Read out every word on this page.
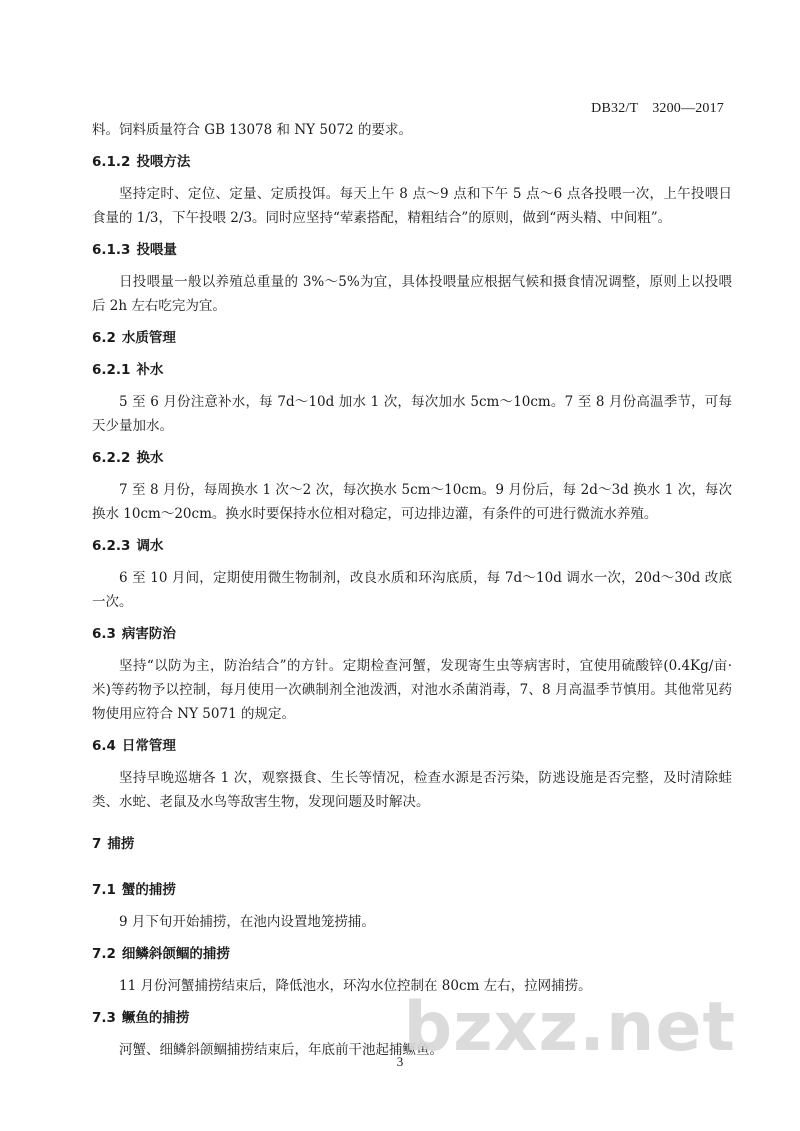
DB32/T　3200—2017

料。饲料质量符合 GB 13078 和 NY 5072 的要求。

6.1.2 投喂方法

坚持定时、定位、定量、定质投饵。每天上午 8 点～9 点和下午 5 点～6 点各投喂一次，上午投喂日食量的 1/3，下午投喂 2/3。同时应坚持“荤素搭配，精粗结合”的原则，做到“两头精、中间粗”。

6.1.3 投喂量

日投喂量一般以养殖总重量的 3%～5%为宜，具体投喂量应根据气候和摄食情况调整，原则上以投喂后 2h 左右吃完为宜。

6.2 水质管理
6.2.1 补水

5 至 6 月份注意补水，每 7d～10d 加水 1 次，每次加水 5cm～10cm。7 至 8 月份高温季节，可每天少量加水。

6.2.2 换水

7 至 8 月份，每周换水 1 次～2 次，每次换水 5cm～10cm。9 月份后，每 2d～3d 换水 1 次，每次换水 10cm～20cm。换水时要保持水位相对稳定，可边排边灌，有条件的可进行微流水养殖。

6.2.3 调水

6 至 10 月间，定期使用微生物制剂，改良水质和环沟底质，每 7d～10d 调水一次，20d～30d 改底一次。

6.3 病害防治

坚持“以防为主，防治结合”的方针。定期检查河蟹，发现寄生虫等病害时，宜使用硫酸锌(0.4Kg/亩·米)等药物予以控制，每月使用一次碘制剂全池泼洒，对池水杀菌消毒，7、8 月高温季节慎用。其他常见药物使用应符合 NY 5071 的规定。

6.4 日常管理

坚持早晚巡塘各 1 次，观察摄食、生长等情况，检查水源是否污染，防逃设施是否完整，及时清除蛙类、水蛇、老鼠及水鸟等敌害生物，发现问题及时解决。

7 捕捞
7.1 蟹的捕捞

9 月下旬开始捕捞，在池内设置地笼捞捕。

7.2 细鳞斜颌鲴的捕捞

11 月份河蟹捕捞结束后，降低池水，环沟水位控制在 80cm 左右，拉网捕捞。

7.3 鳜鱼的捕捞

河蟹、细鳞斜颌鲴捕捞结束后，年底前干池起捕鳜鱼。

bzxz.net
3
